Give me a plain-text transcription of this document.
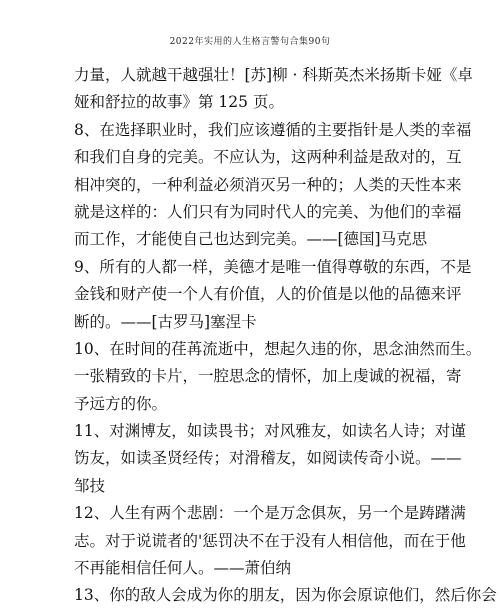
2022年实用的人生格言警句合集90句
力量，人就越干越强壮！[苏]柳 · 科斯英杰米扬斯卡娅《卓
娅和舒拉的故事》第 125 页。
8、在选择职业时，我们应该遵循的主要指针是人类的幸福
和我们自身的完美。不应认为，这两种利益是敌对的，互
相冲突的，一种利益必须消灭另一种的；人类的天性本来
就是这样的：人们只有为同时代人的完美、为他们的幸福
而工作，才能使自己也达到完美。——[德国]马克思
9、所有的人都一样，美德才是唯一值得尊敬的东西，不是
金钱和财产使一个人有价值，人的价值是以他的品德来评
断的。——[古罗马]塞涅卡
10、在时间的荏苒流逝中，想起久违的你，思念油然而生。
一张精致的卡片，一腔思念的情怀，加上虔诚的祝福，寄
予远方的你。
11、对渊博友，如读畏书；对风雅友，如读名人诗；对谨
饬友，如读圣贤经传；对滑稽友，如阅读传奇小说。——
邹技
12、人生有两个悲剧：一个是万念俱灰，另一个是踌躇满
志。对于说谎者的'惩罚决不在于没有人相信他，而在于他
不再能相信任何人。——萧伯纳
13、你的敌人会成为你的朋友，因为你会原谅他们，然后你会
